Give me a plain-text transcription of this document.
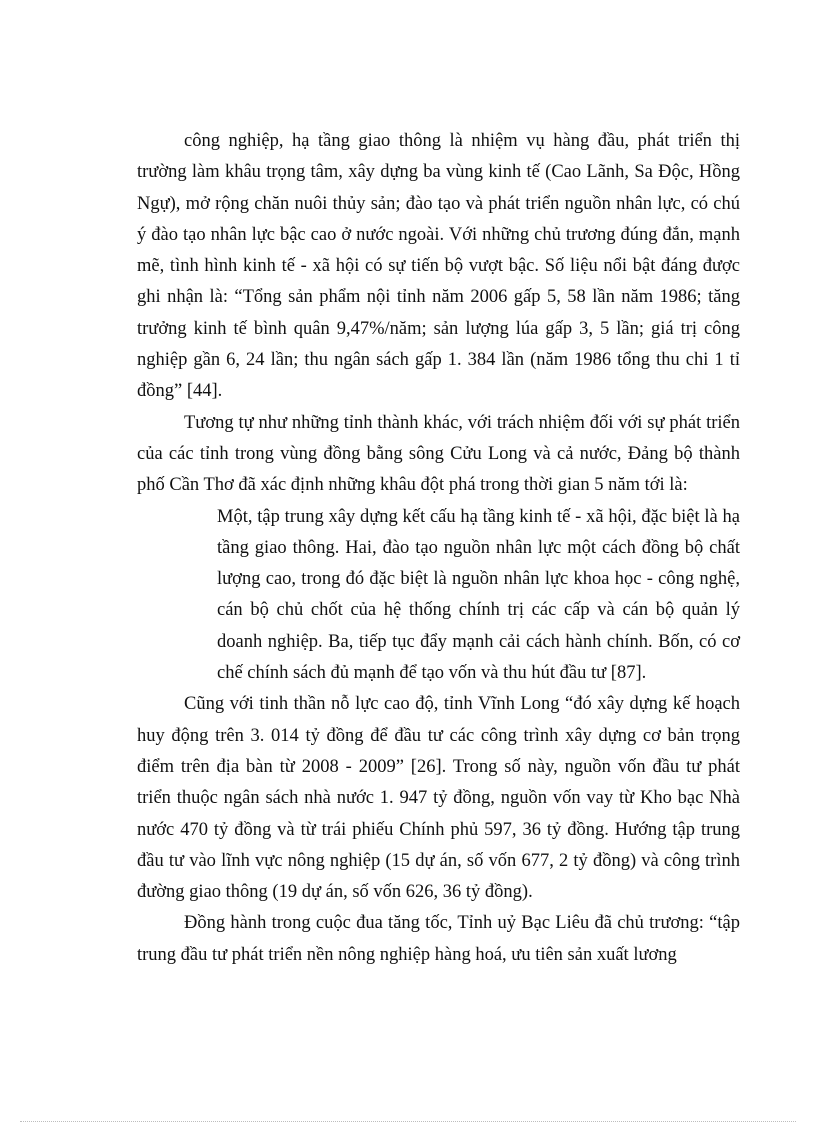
công nghiệp, hạ tầng giao thông là nhiệm vụ hàng đầu, phát triển thị trường làm khâu trọng tâm, xây dựng ba vùng kinh tế (Cao Lãnh, Sa Độc, Hồng Ngự), mở rộng chăn nuôi thủy sản; đào tạo và phát triển nguồn nhân lực, có chú ý đào tạo nhân lực bậc cao ở nước ngoài. Với những chủ trương đúng đắn, mạnh mẽ, tình hình kinh tế - xã hội có sự tiến bộ vượt bậc. Số liệu nổi bật đáng được ghi nhận là: “Tổng sản phẩm nội tỉnh năm 2006 gấp 5, 58 lần năm 1986; tăng trưởng kinh tế bình quân 9,47%/năm; sản lượng lúa gấp 3, 5 lần; giá trị công nghiệp gần 6, 24 lần; thu ngân sách gấp 1. 384 lần (năm 1986 tổng thu chi 1 tỉ đồng” [44].

Tương tự như những tỉnh thành khác, với trách nhiệm đối với sự phát triển của các tỉnh trong vùng đồng bằng sông Cửu Long và cả nước, Đảng bộ thành phố Cần Thơ đã xác định những khâu đột phá trong thời gian 5 năm tới là:

Một, tập trung xây dựng kết cấu hạ tầng kinh tế - xã hội, đặc biệt là hạ tầng giao thông. Hai, đào tạo nguồn nhân lực một cách đồng bộ chất lượng cao, trong đó đặc biệt là nguồn nhân lực khoa học - công nghệ, cán bộ chủ chốt của hệ thống chính trị các cấp và cán bộ quản lý doanh nghiệp. Ba, tiếp tục đẩy mạnh cải cách hành chính. Bốn, có cơ chế chính sách đủ mạnh để tạo vốn và thu hút đầu tư [87].

Cũng với tinh thần nỗ lực cao độ, tỉnh Vĩnh Long “đó xây dựng kế hoạch huy động trên 3. 014 tỷ đồng để đầu tư các công trình xây dựng cơ bản trọng điểm trên địa bàn từ 2008 - 2009” [26]. Trong số này, nguồn vốn đầu tư phát triển thuộc ngân sách nhà nước 1. 947 tỷ đồng, nguồn vốn vay từ Kho bạc Nhà nước 470 tỷ đồng và từ trái phiếu Chính phủ 597, 36 tỷ đồng. Hướng tập trung đầu tư vào lĩnh vực nông nghiệp (15 dự án, số vốn 677, 2 tỷ đồng) và công trình đường giao thông (19 dự án, số vốn 626, 36 tỷ đồng).

Đồng hành trong cuộc đua tăng tốc, Tỉnh uỷ Bạc Liêu đã chủ trương: “tập trung đầu tư phát triển nền nông nghiệp hàng hoá, ưu tiên sản xuất lương
